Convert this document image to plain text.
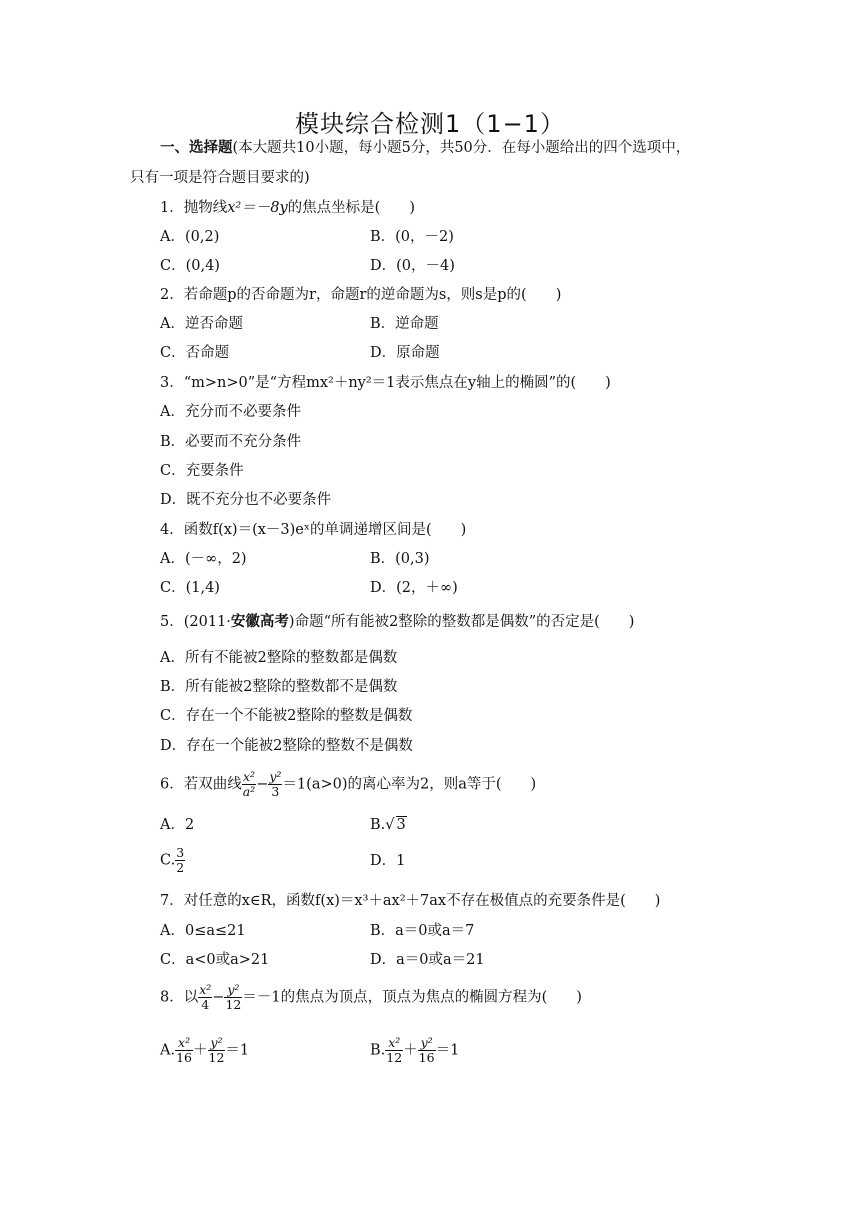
模块综合检测1（1−1）
一、选择题(本大题共10小题，每小题5分，共50分．在每小题给出的四个选项中，
只有一项是符合题目要求的)
1．抛物线x²＝－8y的焦点坐标是(　　)
A．(0,2)	B．(0，－2)
C．(0,4)	D．(0，－4)
2．若命题p的否命题为r，命题r的逆命题为s，则s是p的(　　)
A．逆否命题	B．逆命题
C．否命题	D．原命题
3．“m>n>0”是“方程mx²＋ny²＝1表示焦点在y轴上的椭圆”的(　　)
A．充分而不必要条件
B．必要而不充分条件
C．充要条件
D．既不充分也不必要条件
4．函数f(x)＝(x－3)eˣ的单调递增区间是(　　)
A．(－∞，2)	B．(0,3)
C．(1,4)	D．(2，＋∞)
5．(2011·安徽高考)命题“所有能被2整除的整数都是偶数”的否定是(　　)
A．所有不能被2整除的整数都是偶数
B．所有能被2整除的整数都不是偶数
C．存在一个不能被2整除的整数是偶数
D．存在一个能被2整除的整数不是偶数
6．若双曲线 $\frac{\text{x²}}{\text{a²}} - \frac{\text{y²}}{3} =1(a>0)$的离心率为2，则a等于(　　)
A．2	B.√ 3
C. $\frac{3}{2}$	D．1
7．对任意的x∈R，函数f(x)＝x³＋ax²＋7ax不存在极值点的充要条件是(　　)
A．0≤a≤21	B．a＝0或a＝7
C．a<0或a>21	D．a＝0或a＝21
8．以 $\frac{\text{x²}}{4} - \frac{\text{y²}}{12} =-1$的焦点为顶点，顶点为焦点的椭圆方程为(　　)
A. $\frac{\text{x²}}{16} + \frac{\text{y²}}{12} =1$	B. $\frac{\text{x²}}{12} + \frac{\text{y²}}{16} =1$
